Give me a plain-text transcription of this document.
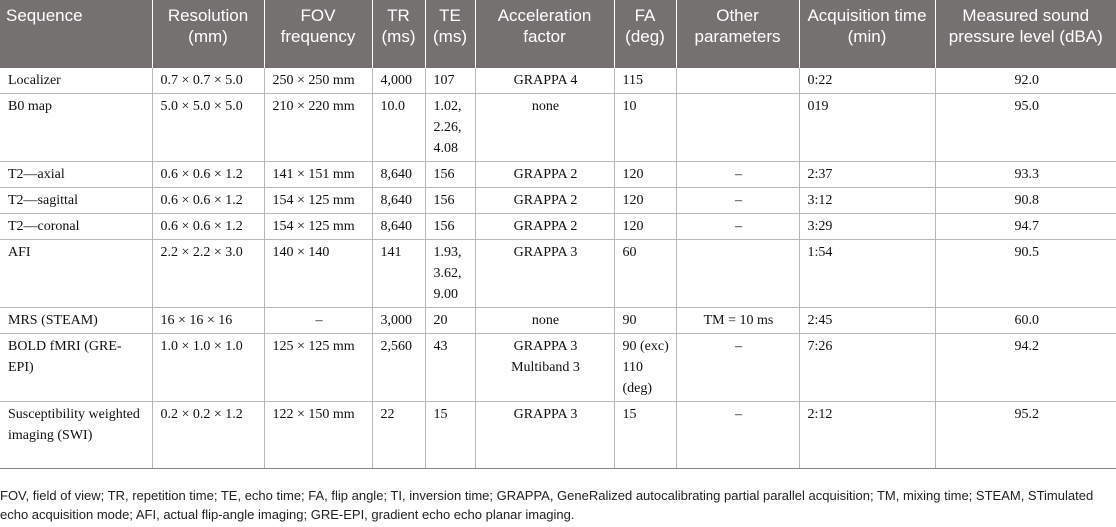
Sequence	Resolution (mm)	FOV frequency	TR (ms)	TE (ms)	Acceleration factor	FA (deg)	Other parameters	Acquisition time (min)	Measured sound pressure level (dBA)
Localizer	0.7 × 0.7 × 5.0	250 × 250 mm	4,000	107	GRAPPA 4	115		0:22	92.0
B0 map	5.0 × 5.0 × 5.0	210 × 220 mm	10.0	1.02, 2.26, 4.08	none	10		019	95.0
T2—axial	0.6 × 0.6 × 1.2	141 × 151 mm	8,640	156	GRAPPA 2	120	–	2:37	93.3
T2—sagittal	0.6 × 0.6 × 1.2	154 × 125 mm	8,640	156	GRAPPA 2	120	–	3:12	90.8
T2—coronal	0.6 × 0.6 × 1.2	154 × 125 mm	8,640	156	GRAPPA 2	120	–	3:29	94.7
AFI	2.2 × 2.2 × 3.0	140 × 140	141	1.93, 3.62, 9.00	GRAPPA 3	60		1:54	90.5
MRS (STEAM)	16 × 16 × 16	–	3,000	20	none	90	TM = 10 ms	2:45	60.0
BOLD fMRI (GRE-EPI)	1.0 × 1.0 × 1.0	125 × 125 mm	2,560	43	GRAPPA 3 Multiband 3	90 (exc) 110 (deg)	–	7:26	94.2
Susceptibility weighted imaging (SWI)	0.2 × 0.2 × 1.2	122 × 150 mm	22	15	GRAPPA 3	15	–	2:12	95.2
FOV, field of view; TR, repetition time; TE, echo time; FA, flip angle; TI, inversion time; GRAPPA, GeneRalized autocalibrating partial parallel acquisition; TM, mixing time; STEAM, STimulated echo acquisition mode; AFI, actual flip-angle imaging; GRE-EPI, gradient echo echo planar imaging.
